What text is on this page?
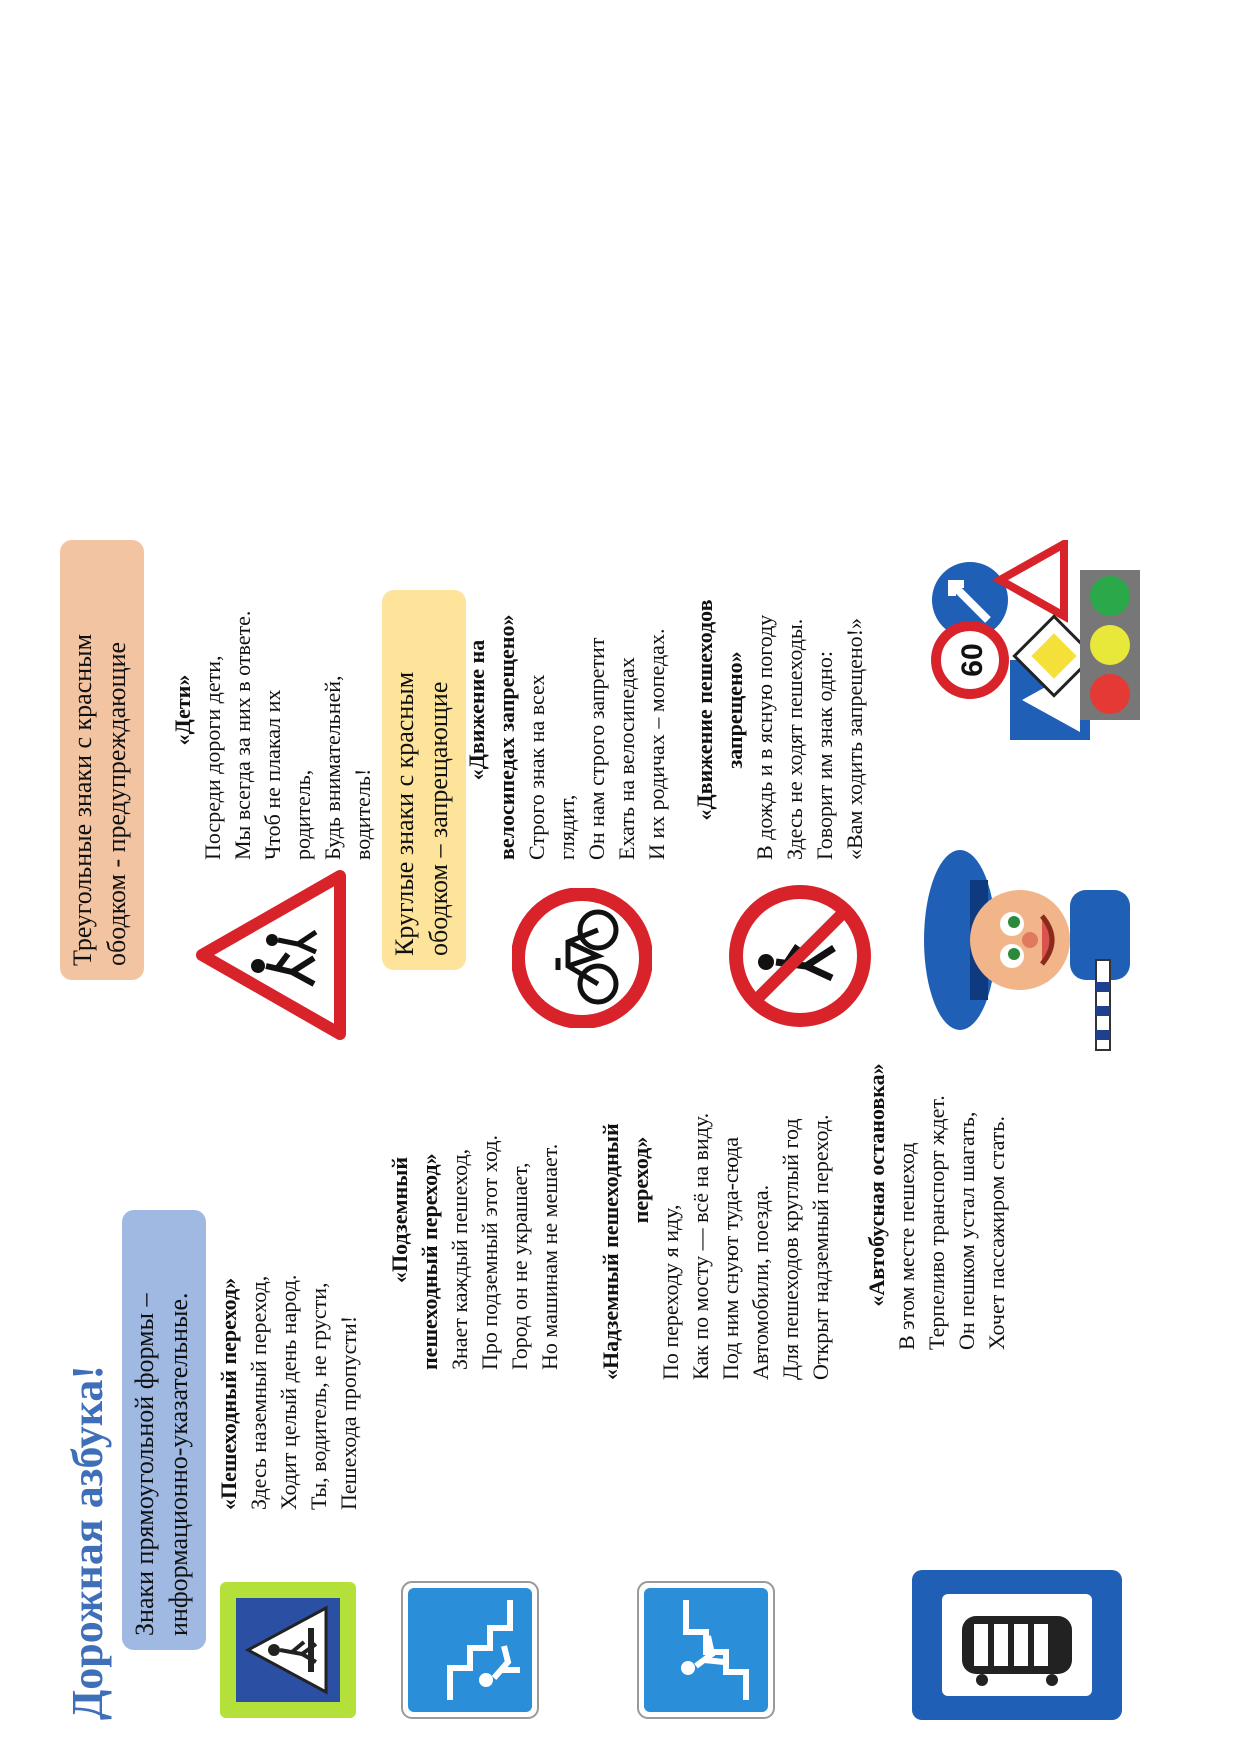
Дорожная азбука! Знаки прямоугольной формы – информационно-указательные.	«Пешеходный переход» Здесь наземный переход, Ходит целый день народ. Ты, водитель, не грусти, Пешехода пропусти!
«Подземный пешеходный переход» Знает каждый пешеход, Про подземный этот ход. Город он не украшает, Но машинам не мешает. «Надземный пешеходный переход»
По переходу я иду, Как по мосту — всё на виду. Под ним снуют туда-сюда Автомобили, поезда. Для пешеходов круглый год Открыт надземный переход. «Автобусная остановка» В этом месте пешеход Терпеливо транспорт ждет. Он пешком устал шагать, Хочет пассажиром стать.
Треугольные знаки с красным ободком - предупреждающие	Круглые знаки с красным ободком – запрещающие
«Дети» Посреди дороги дети, Мы всегда за них в ответе. Чтоб не плакал их родитель, Будь внимательней, водитель!
«Движение на велосипедах запрещено» Строго знак на всех глядит, Он нам строго запретит Ехать на велосипедах И их родичах – мопедах. «Движение пешеходов запрещено» В дождь и в ясную погоду Здесь не ходят пешеходы. Говорит им знак одно: «Вам ходить запрещено!»	60
